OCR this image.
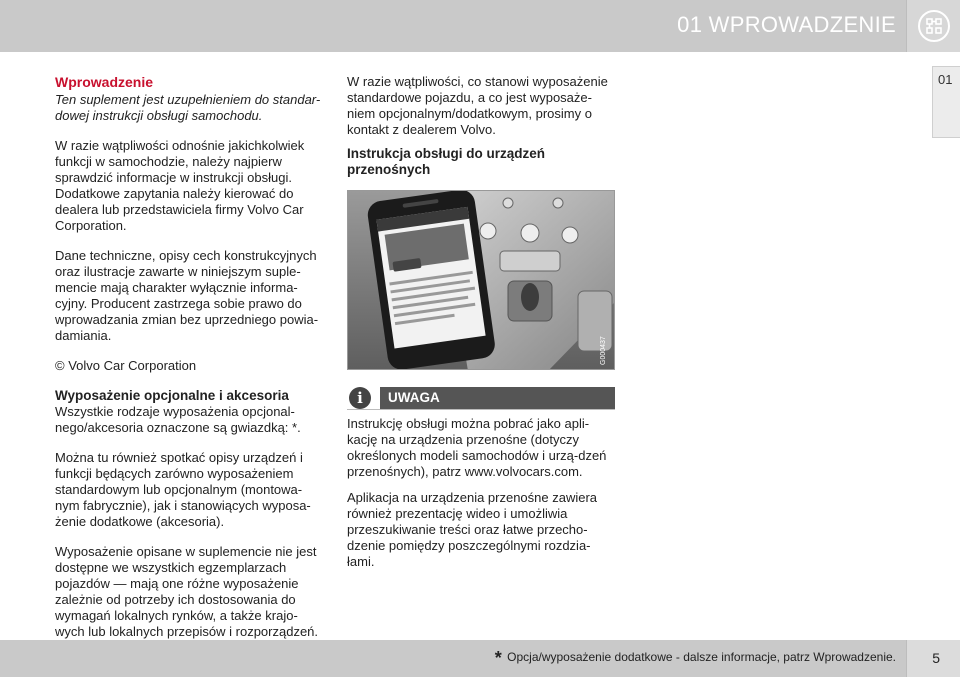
01 WPROWADZENIE
01
Wprowadzenie
Ten suplement jest uzupełnieniem do standar-dowej instrukcji obsługi samochodu.
W razie wątpliwości odnośnie jakichkolwiek funkcji w samochodzie, należy najpierw sprawdzić informacje w instrukcji obsługi. Dodatkowe zapytania należy kierować do dealera lub przedstawiciela firmy Volvo Car Corporation.
Dane techniczne, opisy cech konstrukcyjnych oraz ilustracje zawarte w niniejszym suple-mencie mają charakter wyłącznie informa-cyjny. Producent zastrzega sobie prawo do wprowadzania zmian bez uprzedniego powia-damiania.
© Volvo Car Corporation
Wyposażenie opcjonalne i akcesoria
Wszystkie rodzaje wyposażenia opcjonal-nego/akcesoria oznaczone są gwiazdką: *.
Można tu również spotkać opisy urządzeń i funkcji będących zarówno wyposażeniem standardowym lub opcjonalnym (montowa-nym fabrycznie), jak i stanowiących wyposa-żenie dodatkowe (akcesoria).
Wyposażenie opisane w suplemencie nie jest dostępne we wszystkich egzemplarzach pojazdów — mają one różne wyposażenie zależnie od potrzeby ich dostosowania do wymagań lokalnych rynków, a także krajo-wych lub lokalnych przepisów i rozporządzeń.
W razie wątpliwości, co stanowi wyposażenie standardowe pojazdu, a co jest wyposaże-niem opcjonalnym/dodatkowym, prosimy o kontakt z dealerem Volvo.
Instrukcja obsługi do urządzeń przenośnych
G000437
i	UWAGA
Instrukcję obsługi można pobrać jako apli-kację na urządzenia przenośne (dotyczy określonych modeli samochodów i urzą-dzeń przenośnych), patrz www.volvocars.com.
Aplikacja na urządzenia przenośne zawiera również prezentację wideo i umożliwia przeszukiwanie treści oraz łatwe przecho-dzenie pomiędzy poszczególnymi rozdzia-łami.
* Opcja/wyposażenie dodatkowe - dalsze informacje, patrz Wprowadzenie.	5
